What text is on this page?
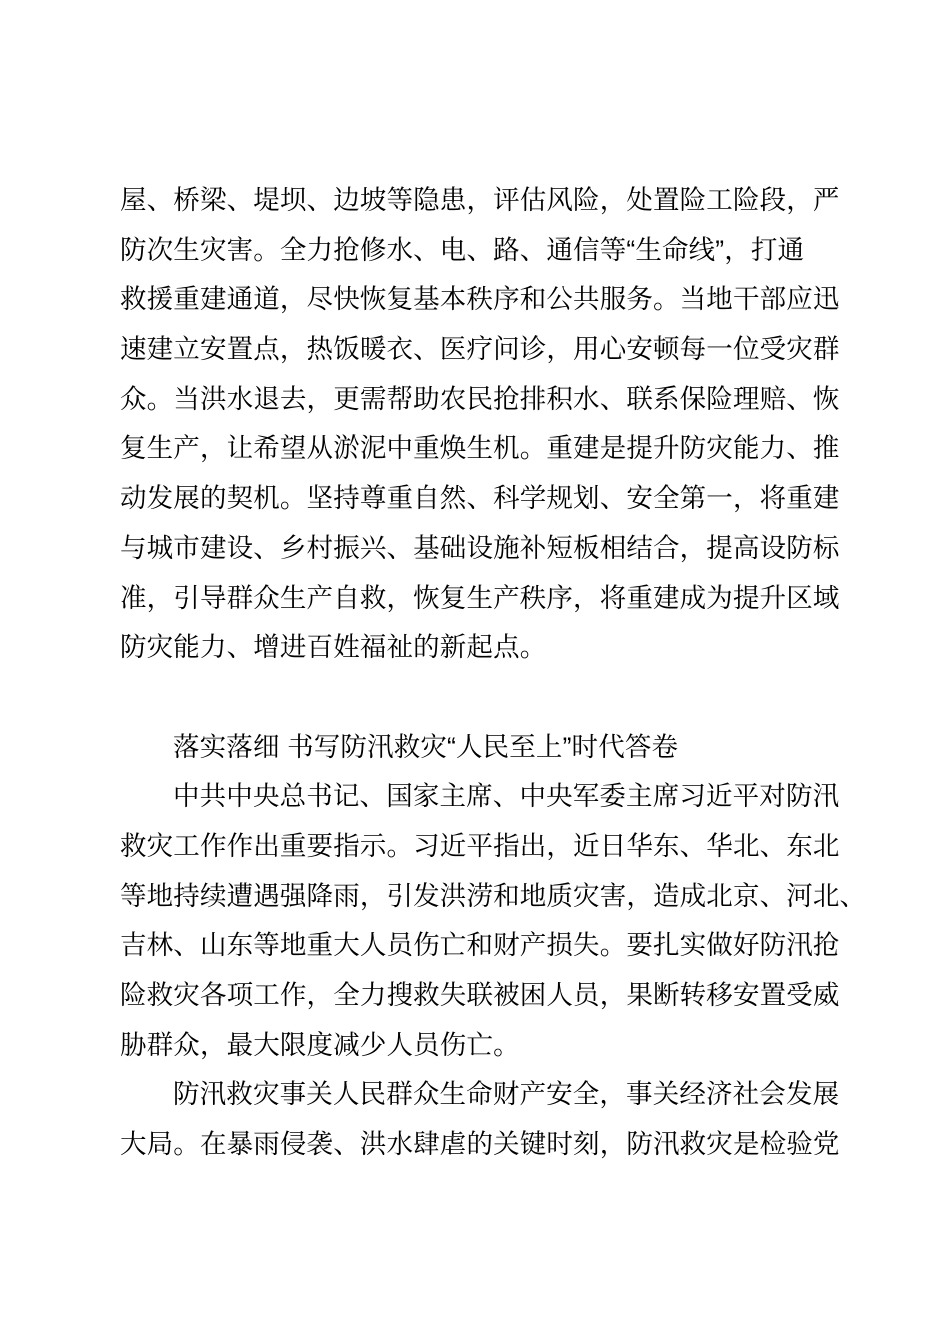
屋、桥梁、堤坝、边坡等隐患，评估风险，处置险工险段，严
防次生灾害。全力抢修水、电、路、通信等“生命线”，打通
救援重建通道，尽快恢复基本秩序和公共服务。当地干部应迅
速建立安置点，热饭暖衣、医疗问诊，用心安顿每一位受灾群
众。当洪水退去，更需帮助农民抢排积水、联系保险理赔、恢
复生产，让希望从淤泥中重焕生机。重建是提升防灾能力、推
动发展的契机。坚持尊重自然、科学规划、安全第一，将重建
与城市建设、乡村振兴、基础设施补短板相结合，提高设防标
准，引导群众生产自救，恢复生产秩序，将重建成为提升区域
防灾能力、增进百姓福祉的新起点。
落实落细 书写防汛救灾“人民至上”时代答卷
中共中央总书记、国家主席、中央军委主席习近平对防汛
救灾工作作出重要指示。习近平指出，近日华东、华北、东北
等地持续遭遇强降雨，引发洪涝和地质灾害，造成北京、河北、
吉林、山东等地重大人员伤亡和财产损失。要扎实做好防汛抢
险救灾各项工作，全力搜救失联被困人员，果断转移安置受威
胁群众，最大限度减少人员伤亡。
防汛救灾事关人民群众生命财产安全，事关经济社会发展
大局。在暴雨侵袭、洪水肆虐的关键时刻，防汛救灾是检验党
